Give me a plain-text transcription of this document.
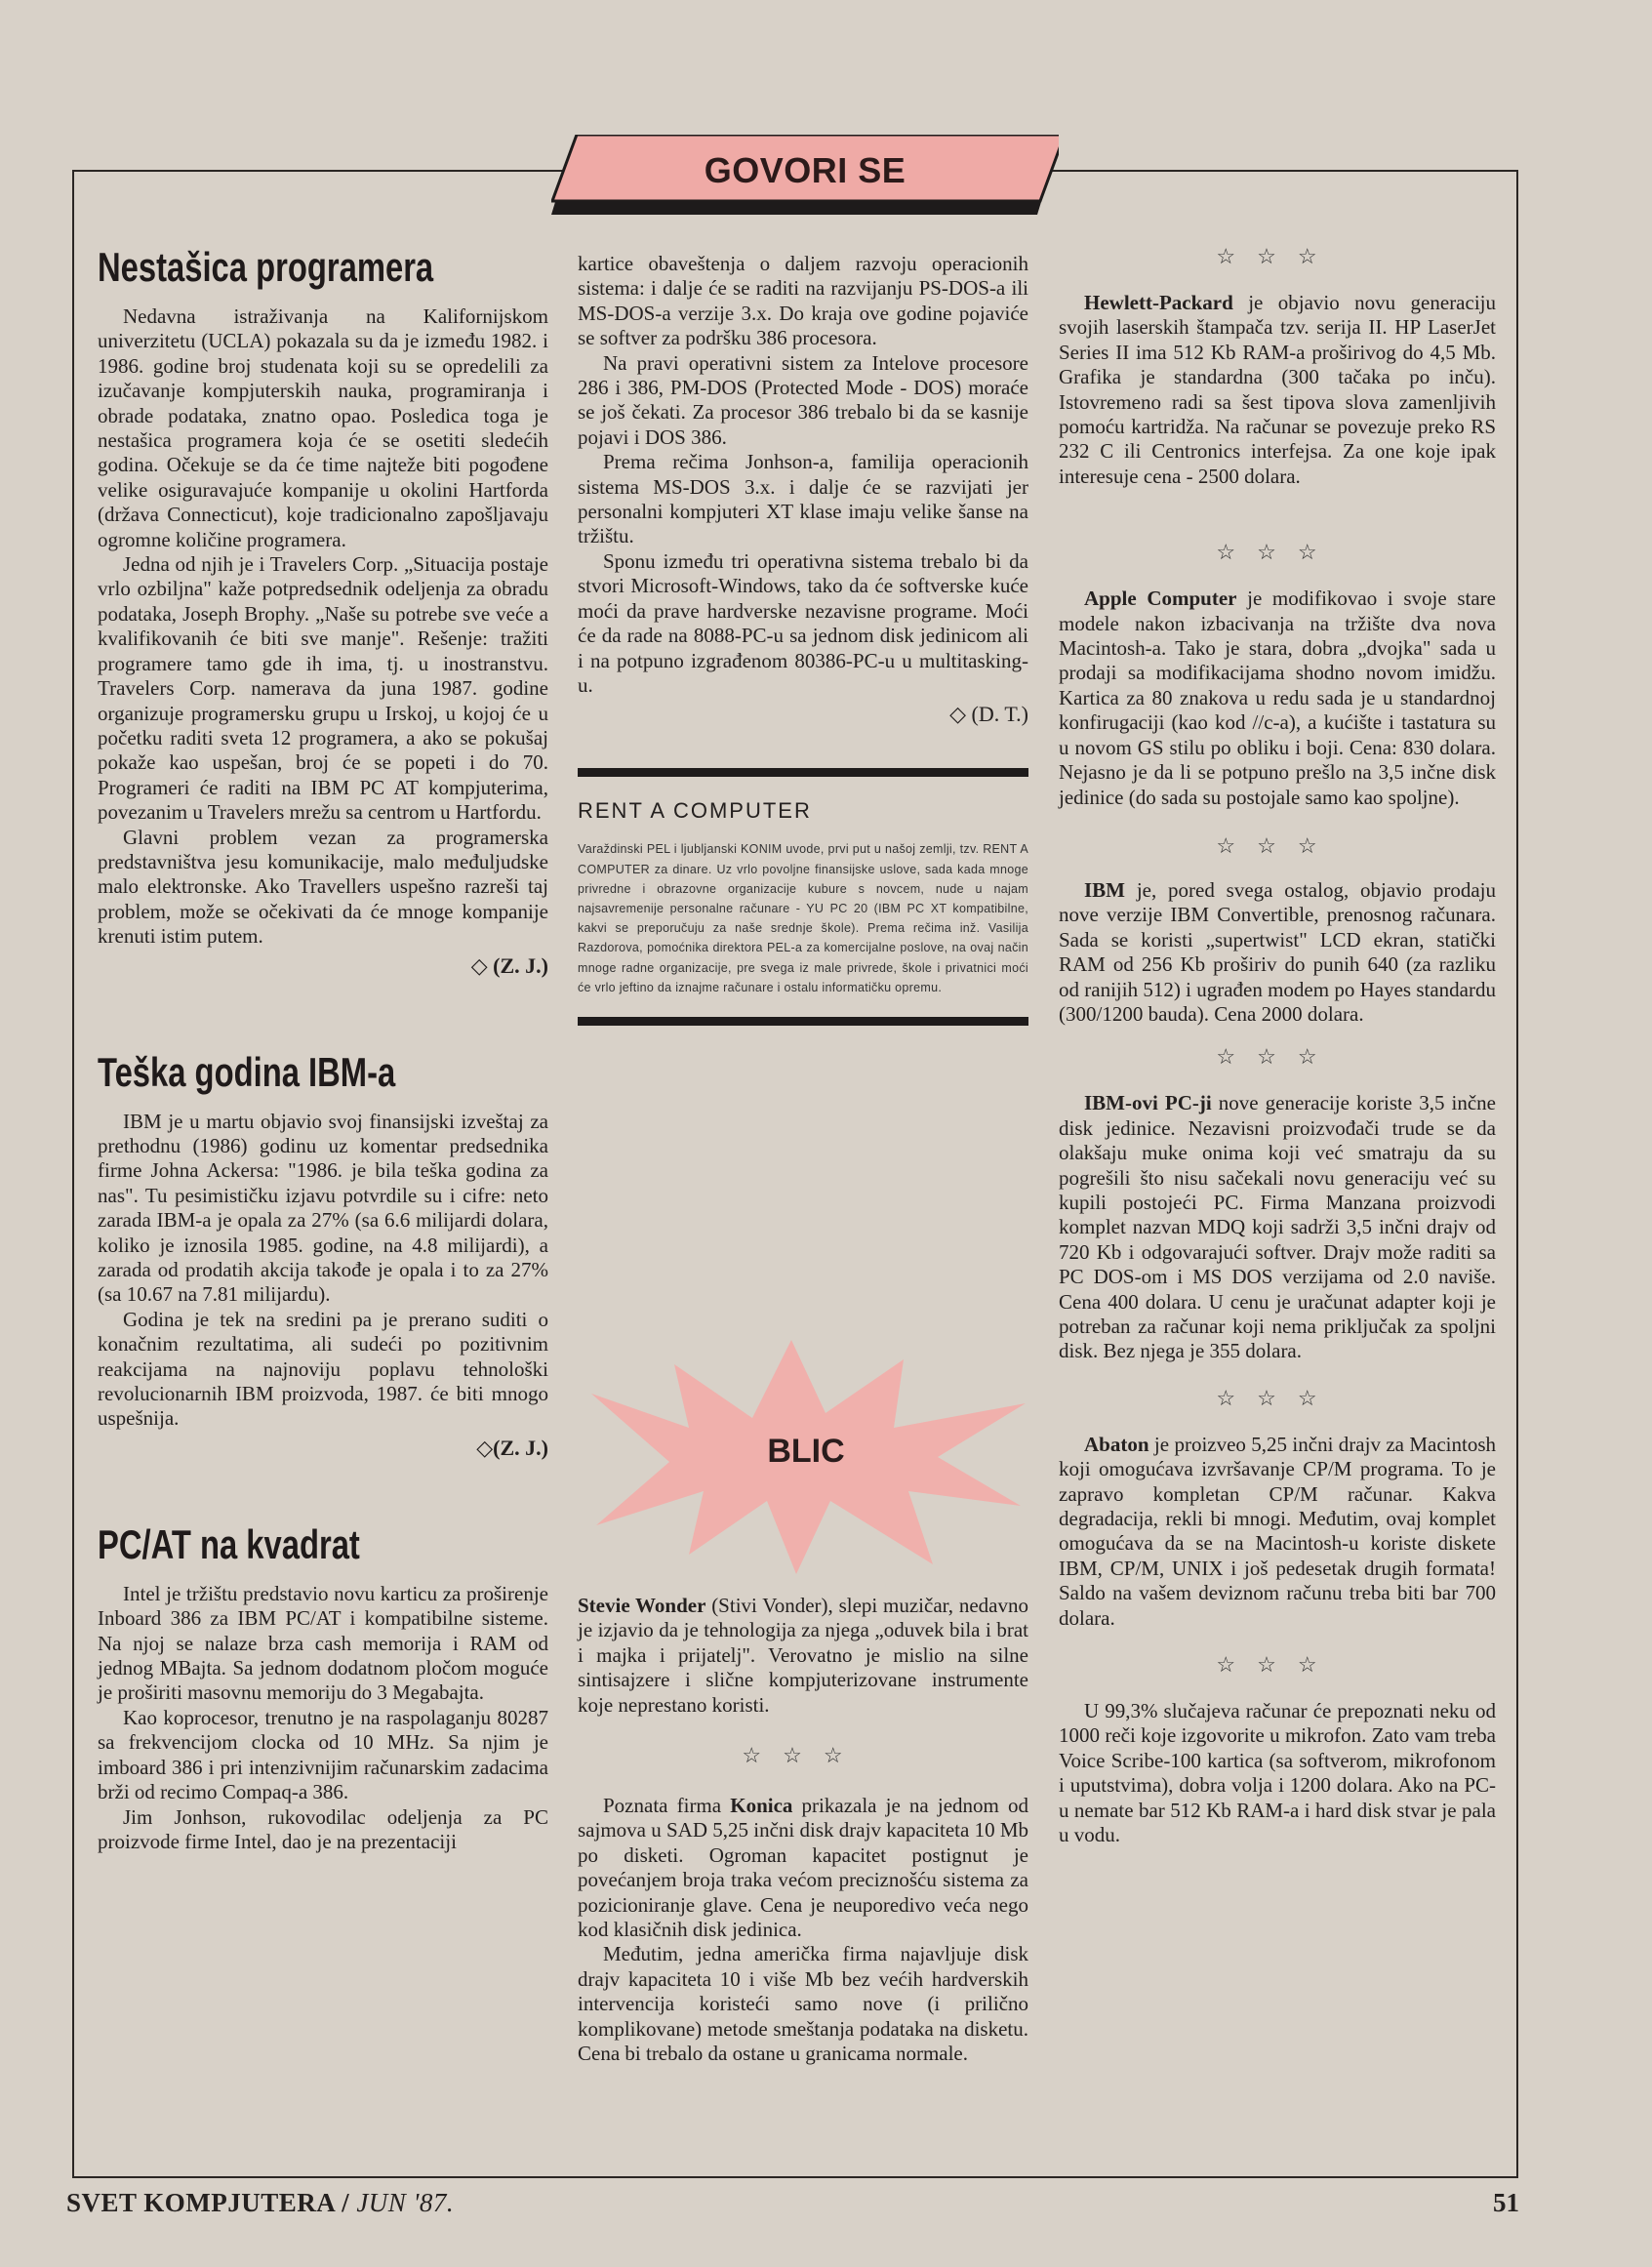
GOVORI SE
Nestašica programera

Nedavna istraživanja na Kalifornijskom univerzitetu (UCLA) pokazala su da je između 1982. i 1986. godine broj studenata koji su se opredelili za izučavanje kompjuterskih nauka, programiranja i obrade podataka, znatno opao. Posledica toga je nestašica programera koja će se osetiti sledećih godina. Očekuje se da će time najteže biti pogođene velike osiguravajuće kompanije u okolini Hartforda (država Connecticut), koje tradicionalno zapošljavaju ogromne količine programera.

Jedna od njih je i Travelers Corp. „Situacija postaje vrlo ozbiljna" kaže potpredsednik odeljenja za obradu podataka, Joseph Brophy. „Naše su potrebe sve veće a kvalifikovanih će biti sve manje". Rešenje: tražiti programere tamo gde ih ima, tj. u inostranstvu. Travelers Corp. namerava da juna 1987. godine organizuje programersku grupu u Irskoj, u kojoj će u početku raditi sveta 12 programera, a ako se pokušaj pokaže kao uspešan, broj će se popeti i do 70. Programeri će raditi na IBM PC AT kompjuterima, povezanim u Travelers mrežu sa centrom u Hartfordu.

Glavni problem vezan za programerska predstavništva jesu komunikacije, malo međuljudske malo elektronske. Ako Travellers uspešno razreši taj problem, može se očekivati da će mnoge kompanije krenuti istim putem.

◇ (Z. J.)

Teška godina IBM-a

IBM je u martu objavio svoj finansijski izveštaj za prethodnu (1986) godinu uz komentar predsednika firme Johna Ackersa: "1986. je bila teška godina za nas". Tu pesimističku izjavu potvrdile su i cifre: neto zarada IBM-a je opala za 27% (sa 6.6 milijardi dolara, koliko je iznosila 1985. godine, na 4.8 milijardi), a zarada od prodatih akcija takođe je opala i to za 27% (sa 10.67 na 7.81 milijardu).

Godina je tek na sredini pa je prerano suditi o konačnim rezultatima, ali sudeći po pozitivnim reakcijama na najnoviju poplavu tehnološki revolucionarnih IBM proizvoda, 1987. će biti mnogo uspešnija.

◇(Z. J.)

PC/AT na kvadrat

Intel je tržištu predstavio novu karticu za proširenje Inboard 386 za IBM PC/AT i kompatibilne sisteme. Na njoj se nalaze brza cash memorija i RAM od jednog MBajta. Sa jednom dodatnom pločom moguće je proširiti masovnu memoriju do 3 Megabajta.

Kao koprocesor, trenutno je na raspolaganju 80287 sa frekvencijom clocka od 10 MHz. Sa njim je imboard 386 i pri intenzivnijim računarskim zadacima brži od recimo Compaq-a 386.

Jim Jonhson, rukovodilac odeljenja za PC proizvode firme Intel, dao je na prezentaciji

kartice obaveštenja o daljem razvoju operacionih sistema: i dalje će se raditi na razvijanju PS-DOS-a ili MS-DOS-a verzije 3.x. Do kraja ove godine pojaviće se softver za podršku 386 procesora.

Na pravi operativni sistem za Intelove procesore 286 i 386, PM-DOS (Protected Mode - DOS) moraće se još čekati. Za procesor 386 trebalo bi da se kasnije pojavi i DOS 386.

Prema rečima Jonhson-a, familija operacionih sistema MS-DOS 3.x. i dalje će se razvijati jer personalni kompjuteri XT klase imaju velike šanse na tržištu.

Sponu između tri operativna sistema trebalo bi da stvori Microsoft-Windows, tako da će softverske kuće moći da prave hardverske nezavisne programe. Moći će da rade na 8088-PC-u sa jednom disk jedinicom ali i na potpuno izgrađenom 80386-PC-u u multitasking-u.

◇ (D. T.)

RENT A COMPUTER

Varaždinski PEL i ljubljanski KONIM uvode, prvi put u našoj zemlji, tzv. RENT A COMPUTER za dinare. Uz vrlo povoljne finansijske uslove, sada kada mnoge privredne i obrazovne organizacije kuburе s novcem, nude u najam najsavremenije personalne računare - YU PC 20 (IBM PC XT kompatibilne, kakvi se preporučuju za naše srednje škole). Prema rečima inž. Vasilija Razdorova, pomoćnika direktora PEL-a za komercijalne poslove, na ovaj način mnoge radne organizacije, pre svega iz male privrede, škole i privatnici moći će vrlo jeftino da iznajme računare i ostalu informatičku opremu.

BLIC

Stevie Wonder (Stivi Vonder), slepi muzičar, nedavno je izjavio da je tehnologija za njega „oduvek bila i brat i majka i prijatelj". Verovatno je mislio na silne sintisajzere i slične kompjuterizovane instrumente koje neprestano koristi.

☆☆☆

Poznata firma Konica prikazala je na jednom od sajmova u SAD 5,25 inčni disk drajv kapaciteta 10 Mb po disketi. Ogroman kapacitet postignut je povećanjem broja traka većom preciznošću sistema za pozicioniranje glave. Cena je neuporedivo veća nego kod klasičnih disk jedinica.

Međutim, jedna američka firma najavljuje disk drajv kapaciteta 10 i više Mb bez većih hardverskih intervencija koristeći samo nove (i prilično komplikovane) metode smeštanja podataka na disketu. Cena bi trebalo da ostane u granicama normale.

☆☆☆

Hewlett-Packard je objavio novu generaciju svojih laserskih štampača tzv. serija II. HP LaserJet Series II ima 512 Kb RAM-a proširivog do 4,5 Mb. Grafika je standardna (300 tačaka po inču). Istovremeno radi sa šest tipova slova zamenljivih pomoću kartridža. Na računar se povezuje preko RS 232 C ili Centronics interfejsa. Za one koje ipak interesuje cena - 2500 dolara.

☆☆☆

Apple Computer je modifikovao i svoje stare modele nakon izbacivanja na tržište dva nova Macintosh-a. Tako je stara, dobra „dvojka" sada u prodaji sa modifikacijama shodno novom imidžu. Kartica za 80 znakova u redu sada je u standardnoj konfirugaciji (kao kod //c-a), a kućište i tastatura su u novom GS stilu po obliku i boji. Cena: 830 dolara. Nejasno je da li se potpuno prešlo na 3,5 inčne disk jedinice (do sada su postojale samo kao spoljne).

☆☆☆

IBM je, pored svega ostalog, objavio prodaju nove verzije IBM Convertible, prenosnog računara. Sada se koristi „supertwist" LCD ekran, statički RAM od 256 Kb proširiv do punih 640 (za razliku od ranijih 512) i ugrađen modem po Hayes standardu (300/1200 bauda). Cena 2000 dolara.

☆☆☆

IBM-ovi PC-ji nove generacije koriste 3,5 inčne disk jedinice. Nezavisni proizvođači trude se da olakšaju muke onima koji već smatraju da su pogrešili što nisu sačekali novu generaciju već su kupili postojeći PC. Firma Manzana proizvodi komplet nazvan MDQ koji sadrži 3,5 inčni drajv od 720 Kb i odgovarajući softver. Drajv može raditi sa PC DOS-om i MS DOS verzijama od 2.0 naviše. Cena 400 dolara. U cenu je uračunat adapter koji je potreban za računar koji nema priključak za spoljni disk. Bez njega je 355 dolara.

☆☆☆

Abaton je proizveo 5,25 inčni drajv za Macintosh koji omogućava izvršavanje CP/M programa. To je zapravo kompletan CP/M računar. Kakva degradacija, rekli bi mnogi. Međutim, ovaj komplet omogućava da se na Macintosh-u koriste diskete IBM, CP/M, UNIX i još pedesetak drugih formata! Saldo na vašem deviznom računu treba biti bar 700 dolara.

☆☆☆

U 99,3% slučajeva računar će prepoznati neku od 1000 reči koje izgovorite u mikrofon. Zato vam treba Voice Scribe-100 kartica (sa softverom, mikrofonom i uputstvima), dobra volja i 1200 dolara. Ako na PC-u nemate bar 512 Kb RAM-a i hard disk stvar je pala u vodu.

SVET KOMPJUTERA / JUN '87.	51
